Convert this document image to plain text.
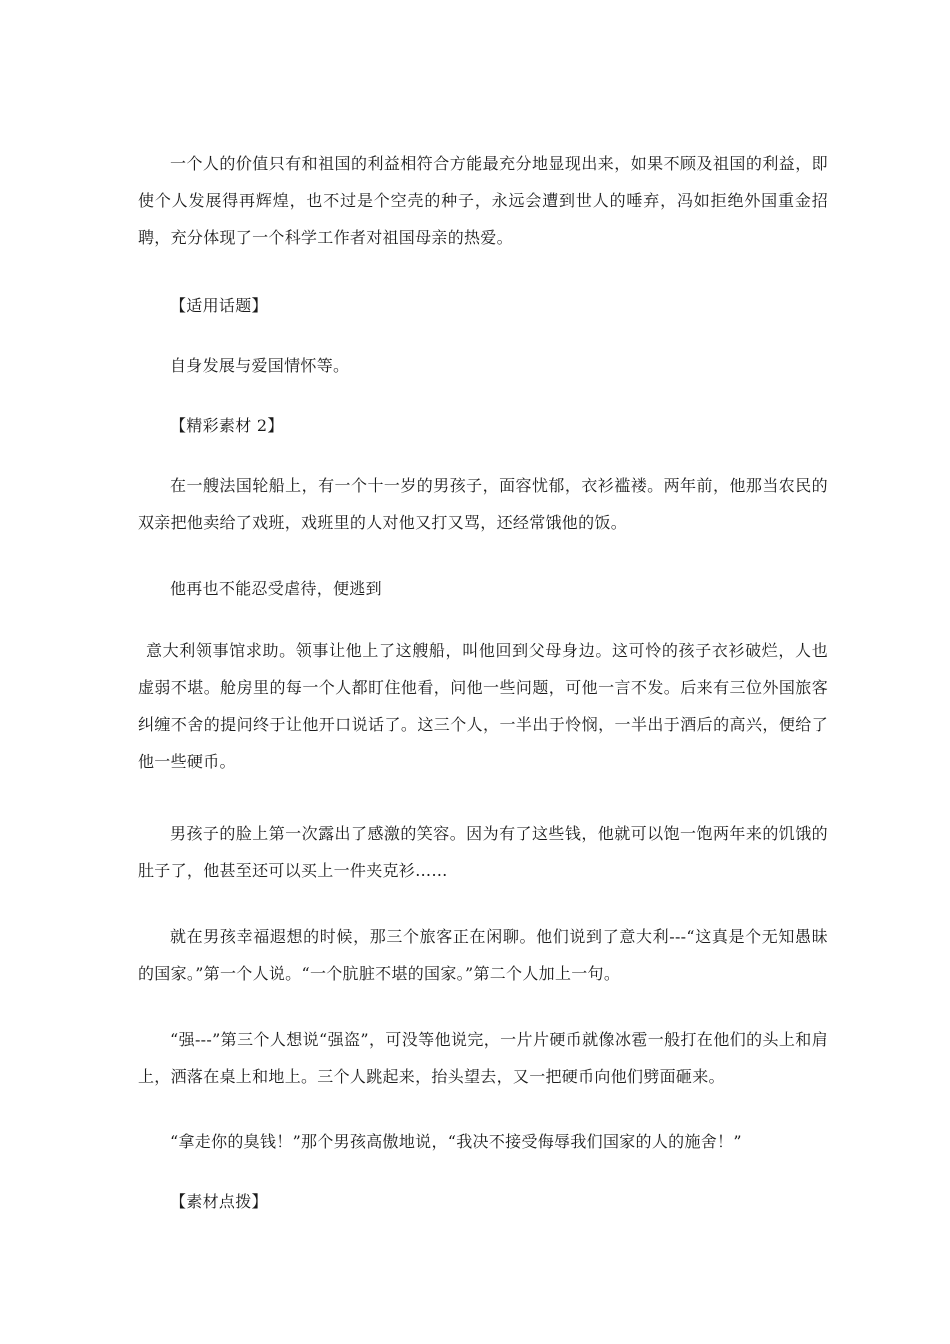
一个人的价值只有和祖国的利益相符合方能最充分地显现出来，如果不顾及祖国的利益，即使个人发展得再辉煌，也不过是个空壳的种子，永远会遭到世人的唾弃，冯如拒绝外国重金招聘，充分体现了一个科学工作者对祖国母亲的热爱。

【适用话题】

自身发展与爱国情怀等。

【精彩素材 2】

在一艘法国轮船上，有一个十一岁的男孩子，面容忧郁，衣衫褴褛。两年前，他那当农民的双亲把他卖给了戏班，戏班里的人对他又打又骂，还经常饿他的饭。

他再也不能忍受虐待，便逃到

意大利领事馆求助。领事让他上了这艘船，叫他回到父母身边。这可怜的孩子衣衫破烂，人也虚弱不堪。舱房里的每一个人都盯住他看，问他一些问题，可他一言不发。后来有三位外国旅客纠缠不舍的提问终于让他开口说话了。这三个人，一半出于怜悯，一半出于酒后的高兴，便给了他一些硬币。

男孩子的脸上第一次露出了感激的笑容。因为有了这些钱，他就可以饱一饱两年来的饥饿的肚子了，他甚至还可以买上一件夹克衫……

就在男孩幸福遐想的时候，那三个旅客正在闲聊。他们说到了意大利---“这真是个无知愚昧的国家。”第一个人说。“一个肮脏不堪的国家。”第二个人加上一句。

“强---”第三个人想说“强盗”，可没等他说完，一片片硬币就像冰雹一般打在他们的头上和肩上，洒落在桌上和地上。三个人跳起来，抬头望去，又一把硬币向他们劈面砸来。

“拿走你的臭钱！”那个男孩高傲地说，“我决不接受侮辱我们国家的人的施舍！”

【素材点拨】
